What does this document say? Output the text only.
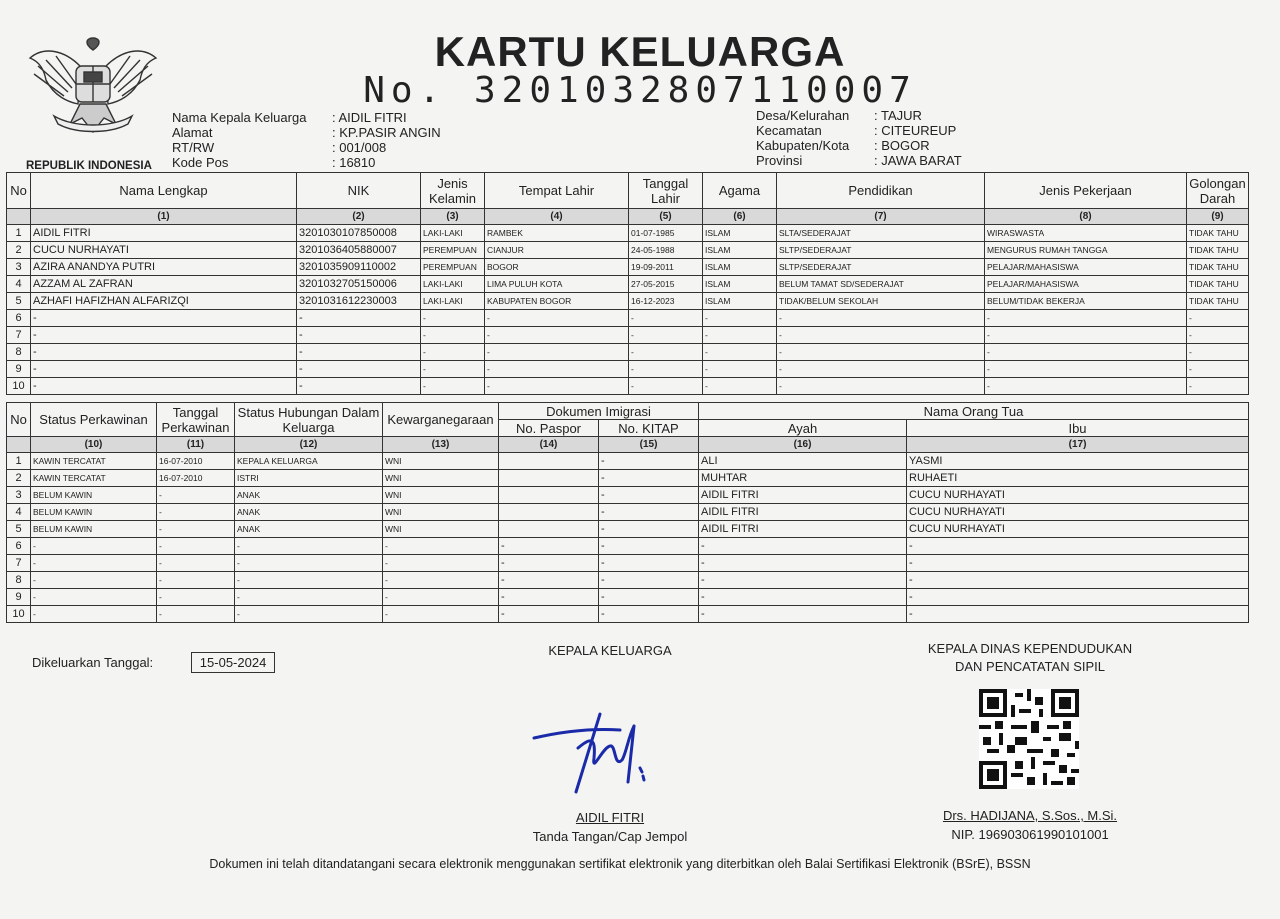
REPUBLIK INDONESIA
KARTU KELUARGA
No. 3201032807110007
Nama Kepala Keluarga	: AIDIL FITRI
Alamat	: KP.PASIR ANGIN
RT/RW	: 001/008
Kode Pos	: 16810
Desa/Kelurahan	: TAJUR
Kecamatan	: CITEUREUP
Kabupaten/Kota	: BOGOR
Provinsi	: JAWA BARAT
No	Nama Lengkap	NIK	Jenis Kelamin	Tempat Lahir	Tanggal Lahir	Agama	Pendidikan	Jenis Pekerjaan	Golongan Darah
	(1)	(2)	(3)	(4)	(5)	(6)	(7)	(8)	(9)
1	AIDIL FITRI	3201030107850008	LAKI-LAKI	RAMBEK	01-07-1985	ISLAM	SLTA/SEDERAJAT	WIRASWASTA	TIDAK TAHU
2	CUCU NURHAYATI	3201036405880007	PEREMPUAN	CIANJUR	24-05-1988	ISLAM	SLTP/SEDERAJAT	MENGURUS RUMAH TANGGA	TIDAK TAHU
3	AZIRA ANANDYA PUTRI	3201035909110002	PEREMPUAN	BOGOR	19-09-2011	ISLAM	SLTP/SEDERAJAT	PELAJAR/MAHASISWA	TIDAK TAHU
4	AZZAM AL ZAFRAN	3201032705150006	LAKI-LAKI	LIMA PULUH KOTA	27-05-2015	ISLAM	BELUM TAMAT SD/SEDERAJAT	PELAJAR/MAHASISWA	TIDAK TAHU
5	AZHAFI HAFIZHAN ALFARIZQI	3201031612230003	LAKI-LAKI	KABUPATEN BOGOR	16-12-2023	ISLAM	TIDAK/BELUM SEKOLAH	BELUM/TIDAK BEKERJA	TIDAK TAHU
6	-	-	-	-	-	-	-	-	-
7	-	-	-	-	-	-	-	-	-
8	-	-	-	-	-	-	-	-	-
9	-	-	-	-	-	-	-	-	-
10	-	-	-	-	-	-	-	-	-
No	Status Perkawinan	Tanggal Perkawinan	Status Hubungan Dalam Keluarga	Kewarganegaraan	Dokumen Imigrasi		Nama Orang Tua	
					No. Paspor	No. KITAP	Ayah	Ibu
	(10)	(11)	(12)	(13)	(14)	(15)	(16)	(17)
1	KAWIN TERCATAT	16-07-2010	KEPALA KELUARGA	WNI		-	ALI	YASMI
2	KAWIN TERCATAT	16-07-2010	ISTRI	WNI		-	MUHTAR	RUHAETI
3	BELUM KAWIN	-	ANAK	WNI		-	AIDIL FITRI	CUCU NURHAYATI
4	BELUM KAWIN	-	ANAK	WNI		-	AIDIL FITRI	CUCU NURHAYATI
5	BELUM KAWIN	-	ANAK	WNI		-	AIDIL FITRI	CUCU NURHAYATI
6	-	-	-	-	-	-	-	-
7	-	-	-	-	-	-	-	-
8	-	-	-	-	-	-	-	-
9	-	-	-	-	-	-	-	-
10	-	-	-	-	-	-	-	-
Dikeluarkan Tanggal:	15-05-2024
KEPALA KELUARGA
AIDIL FITRI
Tanda Tangan/Cap Jempol
KEPALA DINAS KEPENDUDUKAN
DAN PENCATATAN SIPIL
Drs. HADIJANA, S.Sos., M.Si.
NIP. 196903061990101001
Dokumen ini telah ditandatangani secara elektronik menggunakan sertifikat elektronik yang diterbitkan oleh Balai Sertifikasi Elektronik (BSrE), BSSN
